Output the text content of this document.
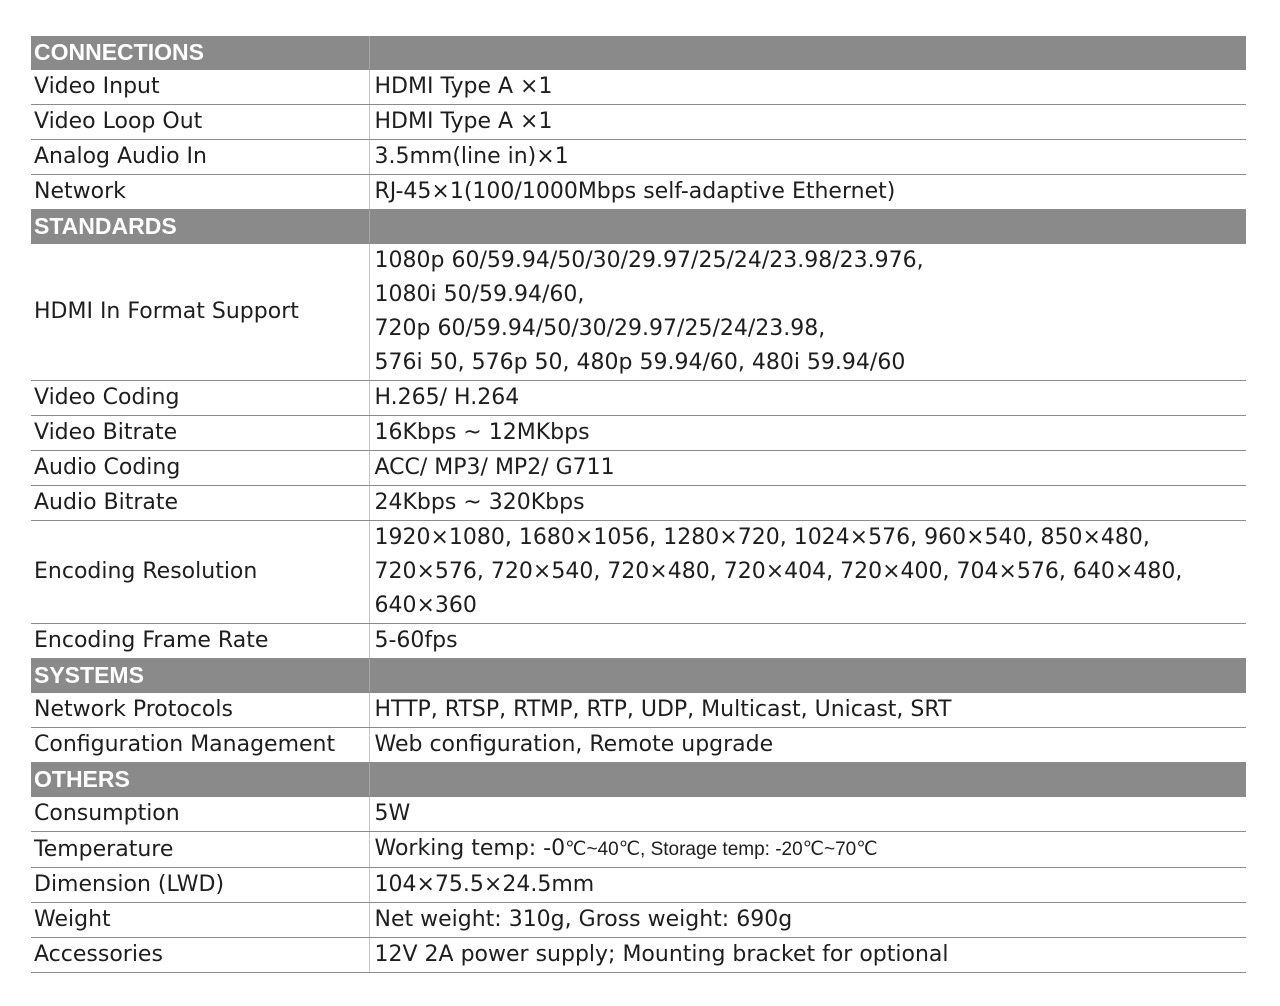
CONNECTIONS	
Video Input	HDMI Type A ×1
Video Loop Out	HDMI Type A ×1
Analog Audio In	3.5mm(line in)×1
Network	RJ-45×1(100/1000Mbps self-adaptive Ethernet)
STANDARDS	
HDMI In Format Support	1080p 60/59.94/50/30/29.97/25/24/23.98/23.976,
1080i 50/59.94/60,
720p 60/59.94/50/30/29.97/25/24/23.98,
576i 50, 576p 50, 480p 59.94/60, 480i 59.94/60

Video Coding	H.265/ H.264
Video Bitrate	16Kbps ~ 12MKbps
Audio Coding	ACC/ MP3/ MP2/ G711
Audio Bitrate	24Kbps ~ 320Kbps
Encoding Resolution	1920×1080, 1680×1056, 1280×720, 1024×576, 960×540, 850×480,
720×576, 720×540, 720×480, 720×404, 720×400, 704×576, 640×480,
640×360

Encoding Frame Rate	5-60fps
SYSTEMS	
Network Protocols	HTTP, RTSP, RTMP, RTP, UDP, Multicast, Unicast, SRT
Configuration Management	Web configuration, Remote upgrade
OTHERS	
Consumption	5W
Temperature	Working temp: -0℃~40℃, Storage temp: -20℃~70℃
Dimension (LWD)	104×75.5×24.5mm
Weight	Net weight: 310g, Gross weight: 690g
Accessories	12V 2A power supply; Mounting bracket for optional
